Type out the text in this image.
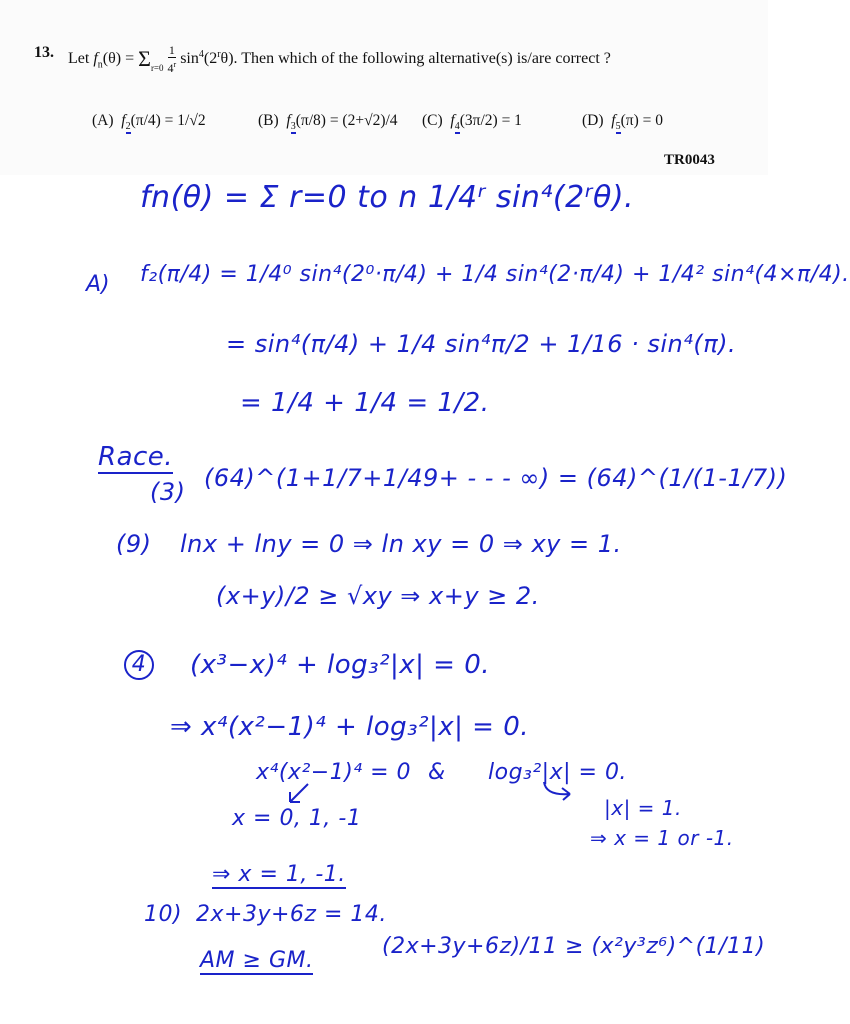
13. Let $f_n(\theta) = \Sigma_{r=0} \frac{1}{4^r} \sin^4(2^r\theta)$. Then which of the following alternative(s) is/are correct ?
(A) $f_2(\pi/4) = 1/√2$	(B) $f_3(\pi/8) = (2+√2)/4$ (C) $f_4(3\pi/2) = 1$	(D) $f_5(\pi) = 0$
TR0043
fn(θ) = Σ r=0 to n 1/4ʳ sin⁴(2ʳθ).
A) f₂(π/4) = 1/4⁰ sin⁴(2⁰·π/4) + 1/4 sin⁴(2·π/4) + 1/4² sin⁴(4×π/4).
= sin⁴(π/4) + 1/4 sin⁴π/2 + 1/16 · sin⁴(π).
= 1/4 + 1/4 = 1/2.
Race.
(3) (64)^(1+1/7+1/49+ - - - ∞) = (64)^(1/(1-1/7))
(9) lnx + lny = 0 ⇒ ln xy = 0 ⇒ xy = 1.
(x+y)/2 ≥ √xy ⇒ x+y ≥ 2.
4 (x³−x)⁴ + log₃²|x| = 0.
⇒ x⁴(x²−1)⁴ + log₃²|x| = 0.
x⁴(x²−1)⁴ = 0 & log₃²|x| = 0.
x = 0, 1, -1	|x| = 1.
⇒ x = 1 or -1.
⇒ x = 1, -1.
10) 2x+3y+6z = 14.
AM ≥ GM.
(2x+3y+6z)/11 ≥ (x²y³z⁶)^(1/11)
